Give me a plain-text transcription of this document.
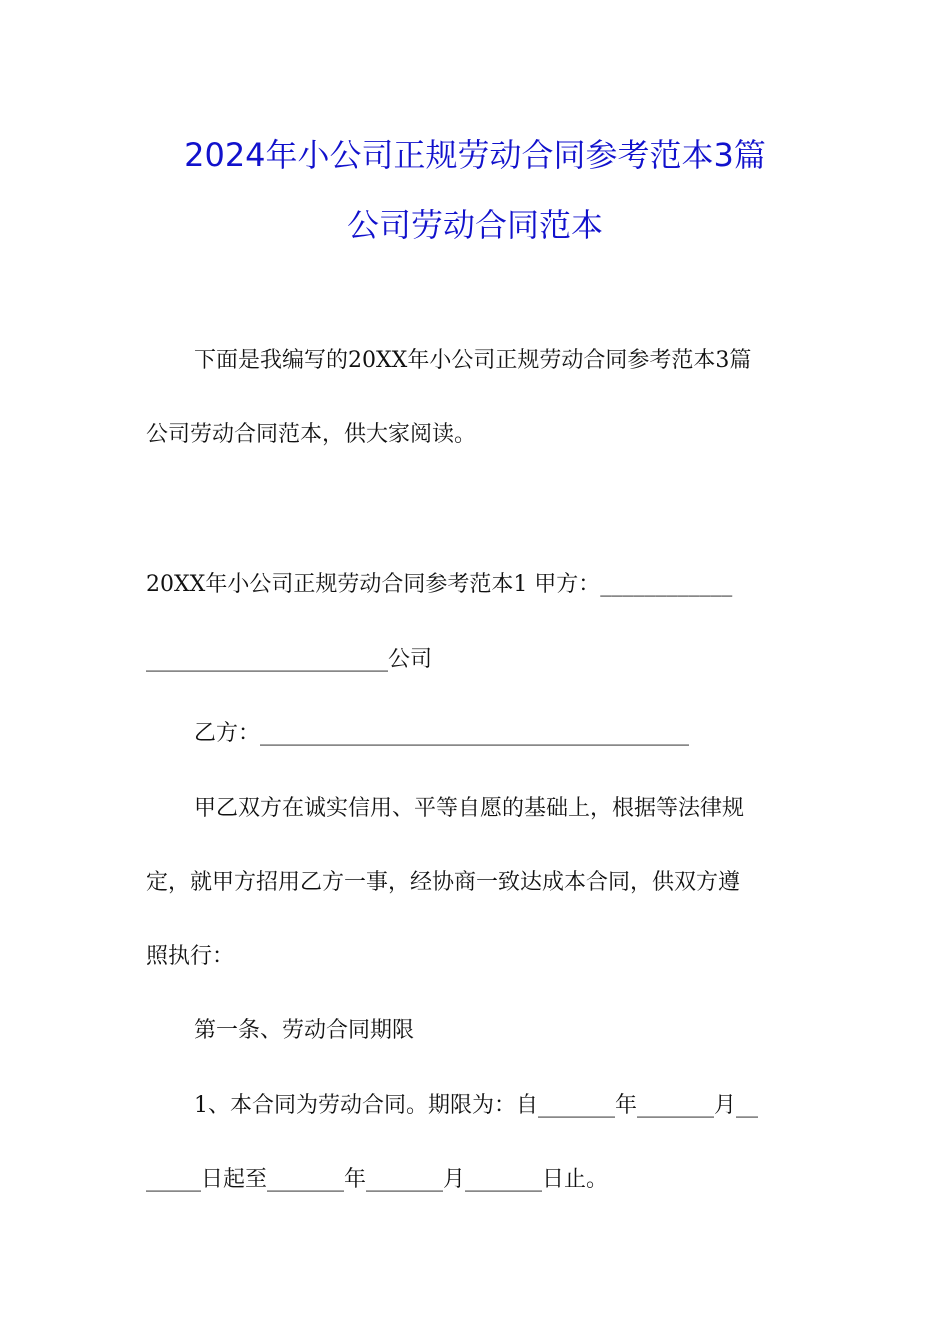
2024年小公司正规劳动合同参考范本3篇
公司劳动合同范本

下面是我编写的20XX年小公司正规劳动合同参考范本3篇

公司劳动合同范本，供大家阅读。

20XX年小公司正规劳动合同参考范本1 甲方：____________

______________________公司

乙方：_______________________________________

甲乙双方在诚实信用、平等自愿的基础上，根据等法律规

定，就甲方招用乙方一事，经协商一致达成本合同，供双方遵

照执行：

第一条、劳动合同期限

1、本合同为劳动合同。期限为：自_______年_______月__

_____日起至_______年_______月_______日止。
